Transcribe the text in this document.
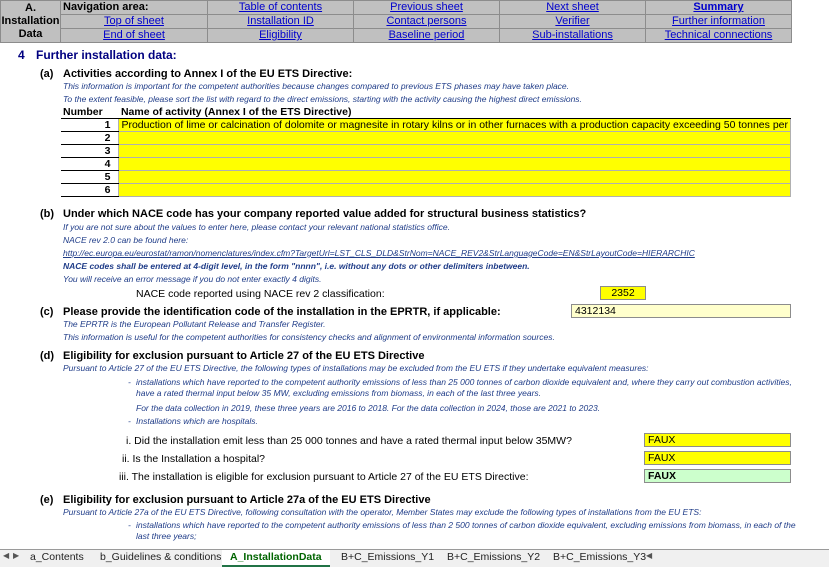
A. Installation Data	Navigation area:	Table of contents	Previous sheet	Next sheet	Summary

	Top of sheet	Installation ID	Contact persons	Verifier	Further information

	End of sheet	Eligibility	Baseline period	Sub-installations	Technical connections
4 Further installation data:
(a) Activities according to Annex I of the EU ETS Directive:
This information is important for the competent authorities because changes compared to previous ETS phases may have taken place.
To the extent feasible, please sort the list with regard to the direct emissions, starting with the activity causing the highest direct emissions.
Number	Name of activity (Annex I of the ETS Directive)
1	Production of lime or calcination of dolomite or magnesite in rotary kilns or in other furnaces with a production capacity exceeding 50 tonnes per
2	
3	
4	
5	
6	
(b) Under which NACE code has your company reported value added for structural business statistics?
If you are not sure about the values to enter here, please contact your relevant national statistics office.
NACE rev 2.0 can be found here:
http://ec.europa.eu/eurostat/ramon/nomenclatures/index.cfm?TargetUrl=LST_CLS_DLD&StrNom=NACE_REV2&StrLanguageCode=EN&StrLayoutCode=HIERARCHIC
NACE codes shall be entered at 4-digit level, in the form "nnnn", i.e. without any dots or other delimiters inbetween.
You will receive an error message if you do not enter exactly 4 digits.
NACE code reported using NACE rev 2 classification:	2352
(c) Please provide the identification code of the installation in the EPRTR, if applicable:	4312134
The EPRTR is the European Pollutant Release and Transfer Register.
This information is useful for the competent authorities for consistency checks and alignment of environmental information sources.
(d) Eligibility for exclusion pursuant to Article 27 of the EU ETS Directive
Pursuant to Article 27 of the EU ETS Directive, the following types of installations may be excluded from the EU ETS if they undertake equivalent measures:
- installations which have reported to the competent authority emissions of less than 25 000 tonnes of carbon dioxide equivalent and, where they carry out combustion activities,
have a rated thermal input below 35 MW, excluding emissions from biomass, in each of the last three years.
For the data collection in 2019, these three years are 2016 to 2018. For the data collection in 2024, those are 2021 to 2023.
- Installations which are hospitals.
i. Did the installation emit less than 25 000 tonnes and have a rated thermal input below 35MW?	FAUX
ii. Is the Installation a hospital?	FAUX
iii. The installation is eligible for exclusion pursuant to Article 27 of the EU ETS Directive:	FAUX
(e) Eligibility for exclusion pursuant to Article 27a of the EU ETS Directive
Pursuant to Article 27a of the EU ETS Directive, following consultation with the operator, Member States may exclude the following types of installations from the EU ETS:
- installations which have reported to the competent authority emissions of less than 2 500 tonnes of carbon dioxide equivalent, excluding emissions from biomass, in each of the
last three years;
◀ ▶	a_Contents	b_Guidelines & conditions A_InstallationData	B+C_Emissions_Y1	B+C_Emissions_Y2	B+C_Emissions_Y3 ◀
